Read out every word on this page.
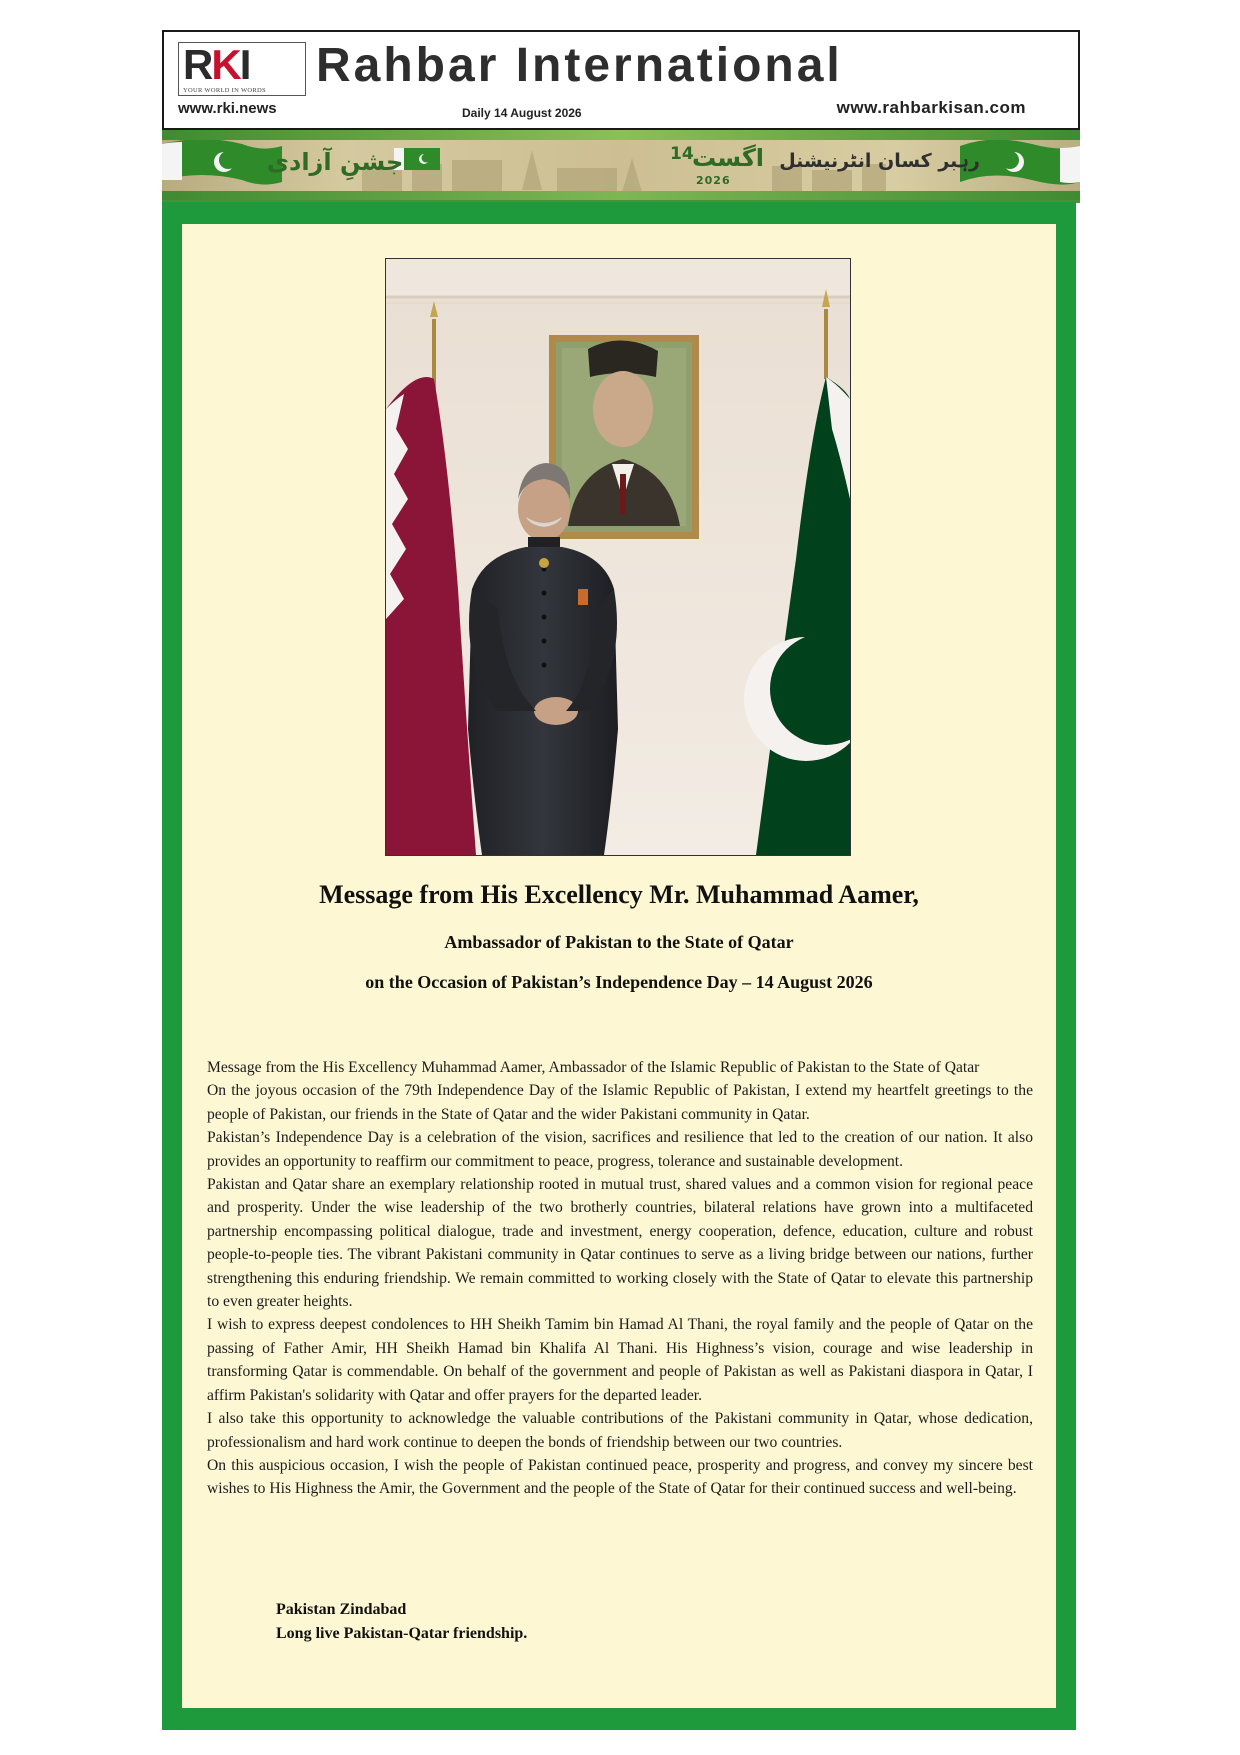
RKI
YOUR WORLD IN WORDS	Rahbar International
www.rki.news	Daily 14 August 2026	www.rahbarkisan.com
جشنِ آزادی	14
اگست
2026
رہبر کسان انٹرنیشنل
Message from His Excellency Mr. Muhammad Aamer,
Ambassador of Pakistan to the State of Qatar
on the Occasion of Pakistan’s Independence Day – 14 August 2026

Message from the His Excellency Muhammad Aamer, Ambassador of the Islamic Republic of Pakistan to the State of Qatar

On the joyous occasion of the 79th Independence Day of the Islamic Republic of Pakistan, I extend my heartfelt greetings to the people of Pakistan, our friends in the State of Qatar and the wider Pakistani community in Qatar.

Pakistan’s Independence Day is a celebration of the vision, sacrifices and resilience that led to the creation of our nation. It also provides an opportunity to reaffirm our commitment to peace, progress, tolerance and sustainable development.

Pakistan and Qatar share an exemplary relationship rooted in mutual trust, shared values and a common vision for regional peace and prosperity. Under the wise leadership of the two brotherly countries, bilateral relations have grown into a multifaceted partnership encompassing political dialogue, trade and investment, energy cooperation, defence, education, culture and robust people-to-people ties. The vibrant Pakistani community in Qatar continues to serve as a living bridge between our nations, further strengthening this enduring friendship. We remain committed to working closely with the State of Qatar to elevate this partnership to even greater heights.

I wish to express deepest condolences to HH Sheikh Tamim bin Hamad Al Thani, the royal family and the people of Qatar on the passing of Father Amir, HH Sheikh Hamad bin Khalifa Al Thani. His Highness’s vision, courage and wise leadership in transforming Qatar is commendable. On behalf of the government and people of Pakistan as well as Pakistani diaspora in Qatar, I affirm Pakistan's solidarity with Qatar and offer prayers for the departed leader.

I also take this opportunity to acknowledge the valuable contributions of the Pakistani community in Qatar, whose dedication, professionalism and hard work continue to deepen the bonds of friendship between our two countries.

On this auspicious occasion, I wish the people of Pakistan continued peace, prosperity and progress, and convey my sincere best wishes to His Highness the Amir, the Government and the people of the State of Qatar for their continued success and well-being.

Pakistan Zindabad
Long live Pakistan-Qatar friendship.
